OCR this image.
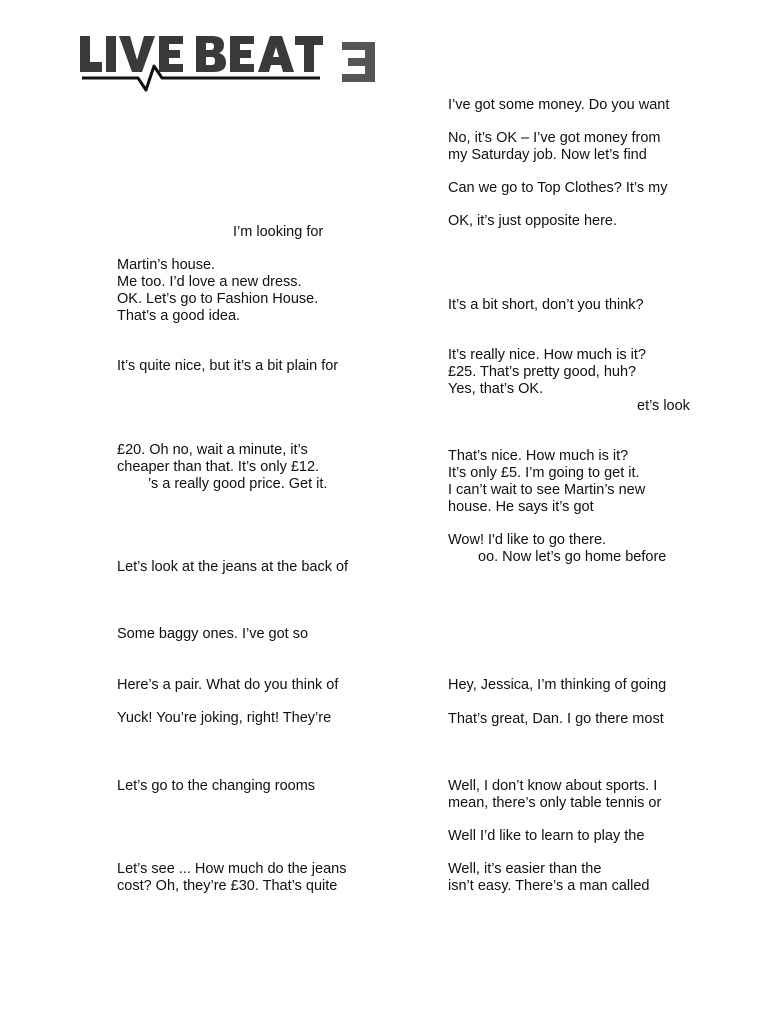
I’m looking for

Martin’s house.

Me too. I’d love a new dress.

OK. Let’s go to Fashion House.

That’s a good idea.

It’s quite nice, but it’s a bit plain for

£20. Oh no, wait a minute, it’s

cheaper than that. It’s only £12.

’s a really good price. Get it.

Let’s look at the jeans at the back of

Some baggy ones. I’ve got so

Here’s a pair. What do you think of

Yuck! You’re joking, right! They’re

Let’s go to the changing rooms

Let’s see ... How much do the jeans

cost? Oh, they’re £30. That’s quite

I’ve got some money. Do you want

No, it’s OK – I’ve got money from

my Saturday job. Now let’s find

Can we go to Top Clothes? It’s my

OK, it’s just opposite here.

It’s a bit short, don’t you think?

It’s really nice. How much is it?

£25. That’s pretty good, huh?

Yes, that’s OK.

et’s look

That’s nice. How much is it?

It’s only £5. I’m going to get it.

I can’t wait to see Martin’s new

house. He says it’s got

Wow! I'd like to go there.

oo. Now let’s go home before

Hey, Jessica, I’m thinking of going

That’s great, Dan. I go there most

Well, I don’t know about sports. I

mean, there’s only table tennis or

Well I’d like to learn to play the

Well, it’s easier than the

isn’t easy. There’s a man called
